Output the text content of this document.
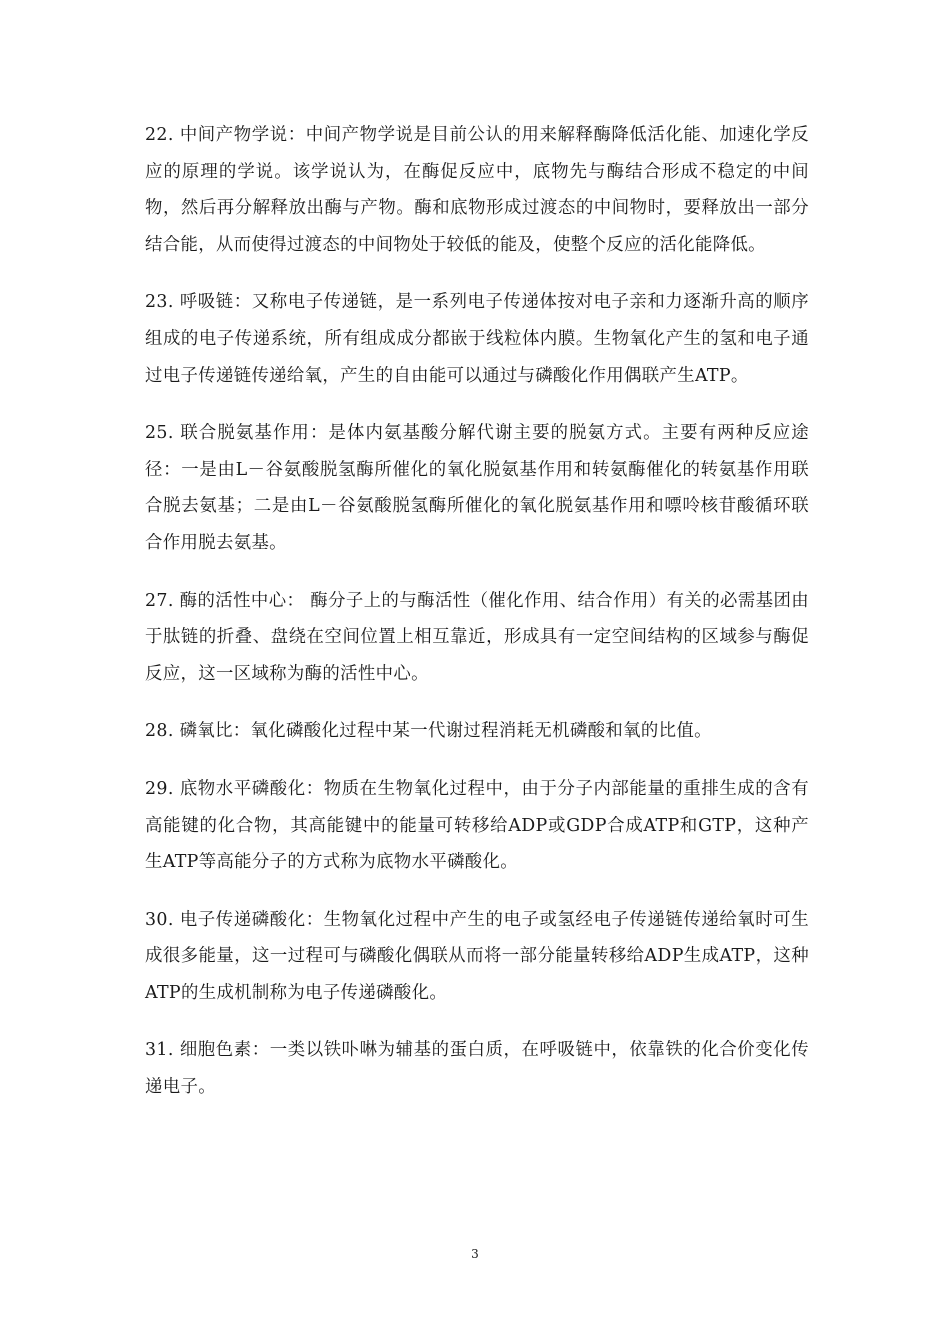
22. 中间产物学说：中间产物学说是目前公认的用来解释酶降低活化能、加速化学反应的原理的学说。该学说认为，在酶促反应中，底物先与酶结合形成不稳定的中间物，然后再分解释放出酶与产物。酶和底物形成过渡态的中间物时，要释放出一部分结合能，从而使得过渡态的中间物处于较低的能及，使整个反应的活化能降低。

23. 呼吸链：又称电子传递链，是一系列电子传递体按对电子亲和力逐渐升高的顺序组成的电子传递系统，所有组成成分都嵌于线粒体内膜。生物氧化产生的氢和电子通过电子传递链传递给氧，产生的自由能可以通过与磷酸化作用偶联产生ATP。

25. 联合脱氨基作用：是体内氨基酸分解代谢主要的脱氨方式。主要有两种反应途径：一是由L－谷氨酸脱氢酶所催化的氧化脱氨基作用和转氨酶催化的转氨基作用联合脱去氨基；二是由L－谷氨酸脱氢酶所催化的氧化脱氨基作用和嘌呤核苷酸循环联合作用脱去氨基。

27. 酶的活性中心： 酶分子上的与酶活性（催化作用、结合作用）有关的必需基团由于肽链的折叠、盘绕在空间位置上相互靠近，形成具有一定空间结构的区域参与酶促反应，这一区域称为酶的活性中心。

28. 磷氧比：氧化磷酸化过程中某一代谢过程消耗无机磷酸和氧的比值。

29. 底物水平磷酸化：物质在生物氧化过程中，由于分子内部能量的重排生成的含有高能键的化合物，其高能键中的能量可转移给ADP或GDP合成ATP和GTP，这种产生ATP等高能分子的方式称为底物水平磷酸化。

30. 电子传递磷酸化：生物氧化过程中产生的电子或氢经电子传递链传递给氧时可生成很多能量，这一过程可与磷酸化偶联从而将一部分能量转移给ADP生成ATP，这种ATP的生成机制称为电子传递磷酸化。

31. 细胞色素：一类以铁卟啉为辅基的蛋白质，在呼吸链中，依靠铁的化合价变化传递电子。

3
